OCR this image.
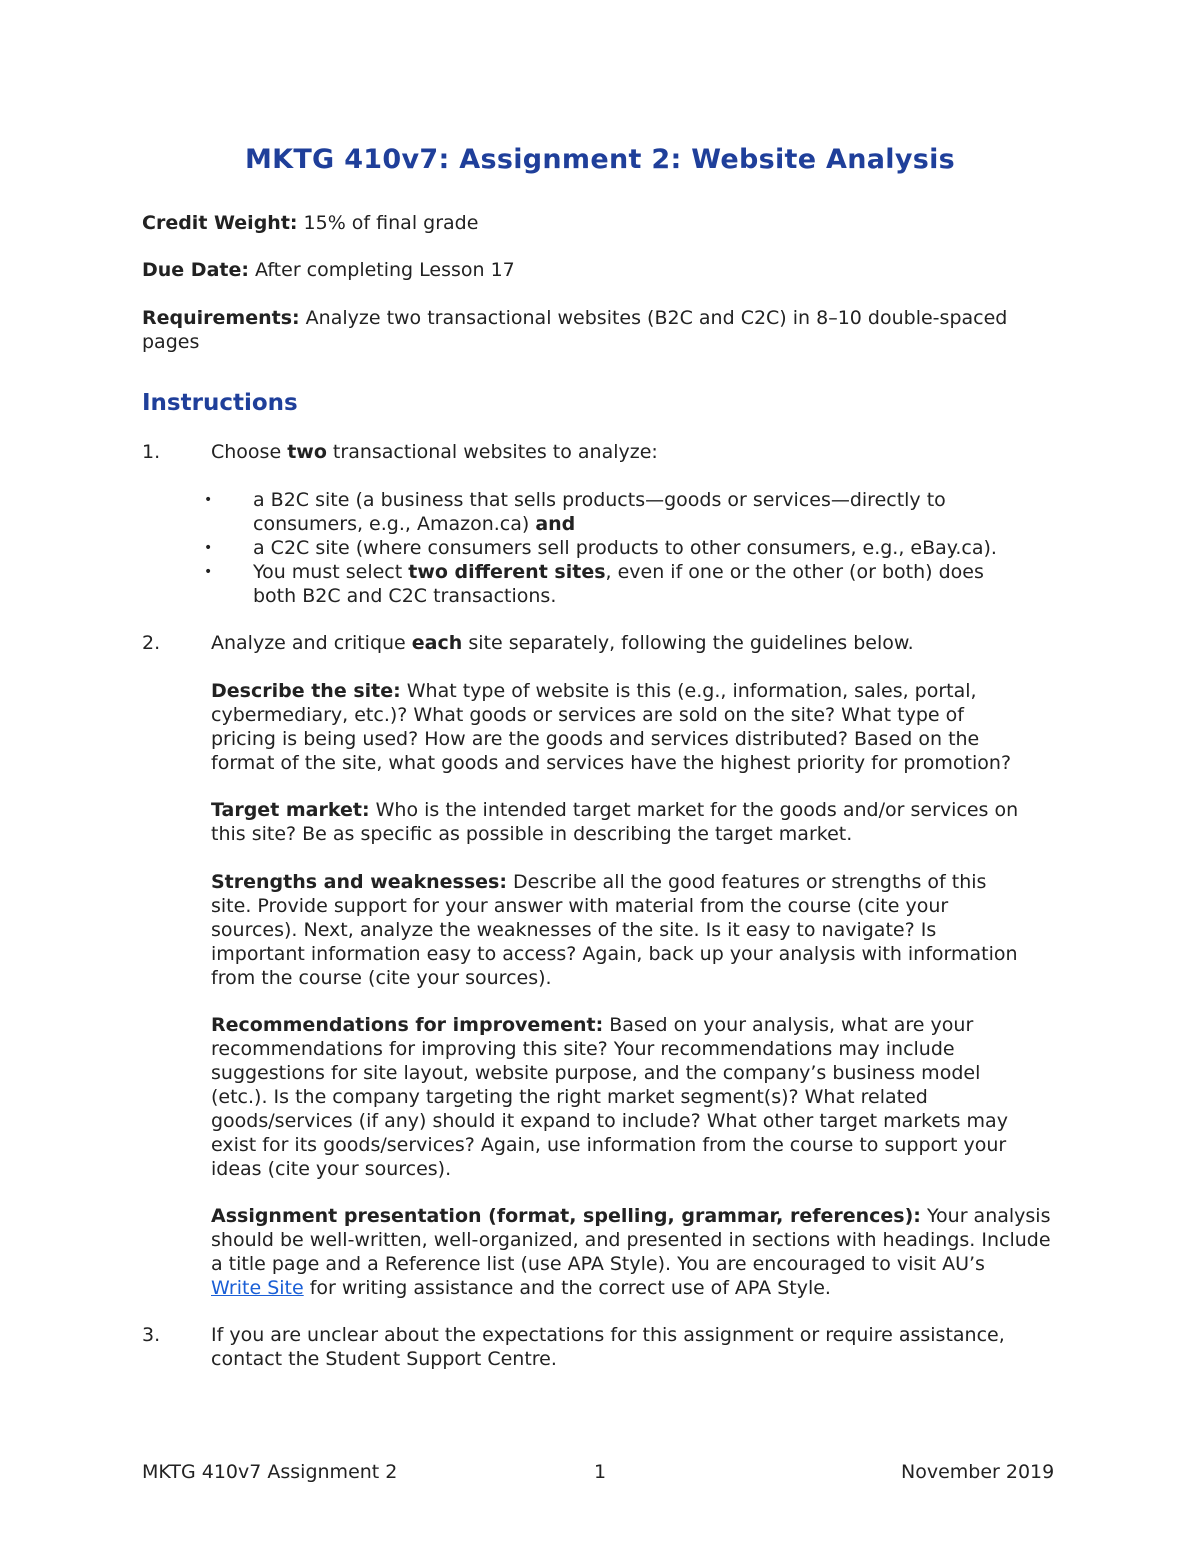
MKTG 410v7: Assignment 2: Website Analysis

Credit Weight: 15% of final grade

Due Date: After completing Lesson 17

Requirements: Analyze two transactional websites (B2C and C2C) in 8–10 double-spaced

pages

Instructions
1.	Choose two transactional websites to analyze:

•	a B2C site (a business that sells products—goods or services—directly to

consumers, e.g., Amazon.ca) and

•	a C2C site (where consumers sell products to other consumers, e.g., eBay.ca).

•	You must select two different sites, even if one or the other (or both) does

both B2C and C2C transactions.

2.	Analyze and critique each site separately, following the guidelines below.

Describe the site: What type of website is this (e.g., information, sales, portal,

cybermediary, etc.)? What goods or services are sold on the site? What type of

pricing is being used? How are the goods and services distributed? Based on the

format of the site, what goods and services have the highest priority for promotion?

Target market: Who is the intended target market for the goods and/or services on

this site? Be as specific as possible in describing the target market.

Strengths and weaknesses: Describe all the good features or strengths of this

site. Provide support for your answer with material from the course (cite your

sources). Next, analyze the weaknesses of the site. Is it easy to navigate? Is

important information easy to access? Again, back up your analysis with information

from the course (cite your sources).

Recommendations for improvement: Based on your analysis, what are your

recommendations for improving this site? Your recommendations may include

suggestions for site layout, website purpose, and the company’s business model

(etc.). Is the company targeting the right market segment(s)? What related

goods/services (if any) should it expand to include? What other target markets may

exist for its goods/services? Again, use information from the course to support your

ideas (cite your sources).

Assignment presentation (format, spelling, grammar, references): Your analysis

should be well-written, well-organized, and presented in sections with headings. Include

a title page and a Reference list (use APA Style). You are encouraged to visit AU’s

Write Site for writing assistance and the correct use of APA Style.

3.	If you are unclear about the expectations for this assignment or require assistance,

contact the Student Support Centre.

MKTG 410v7 Assignment 2	1	November 2019
